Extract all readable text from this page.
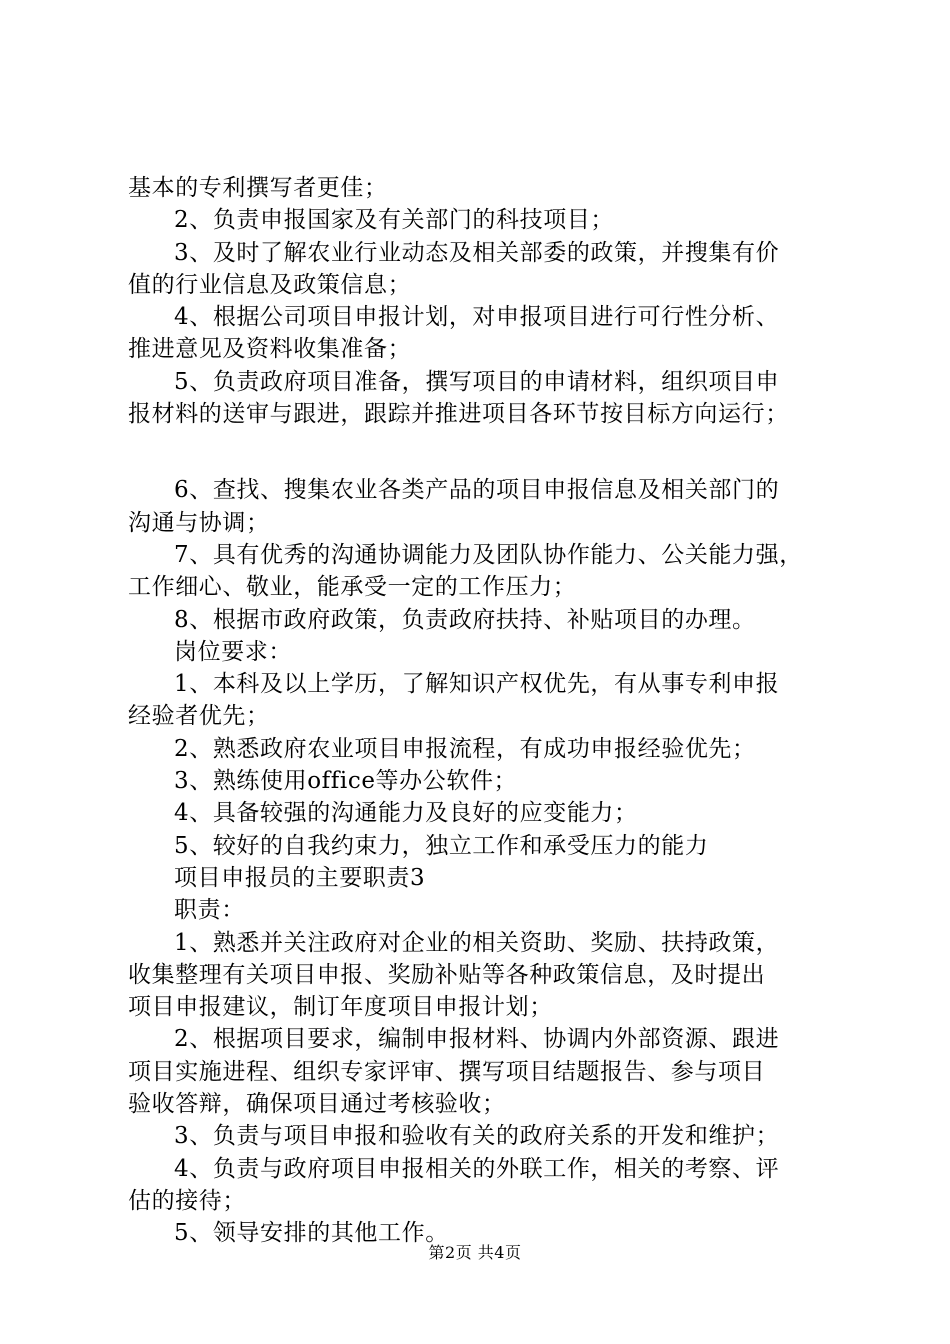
基本的专利撰写者更佳；
2、负责申报国家及有关部门的科技项目；
3、及时了解农业行业动态及相关部委的政策，并搜集有价
值的行业信息及政策信息；
4、根据公司项目申报计划，对申报项目进行可行性分析、
推进意见及资料收集准备；
5、负责政府项目准备，撰写项目的申请材料，组织项目申
报材料的送审与跟进，跟踪并推进项目各环节按目标方向运行；
6、查找、搜集农业各类产品的项目申报信息及相关部门的
沟通与协调；
7、具有优秀的沟通协调能力及团队协作能力、公关能力强，
工作细心、敬业，能承受一定的工作压力；
8、根据市政府政策，负责政府扶持、补贴项目的办理。
岗位要求：
1、本科及以上学历，了解知识产权优先，有从事专利申报
经验者优先；
2、熟悉政府农业项目申报流程，有成功申报经验优先；
3、熟练使用office等办公软件；
4、具备较强的沟通能力及良好的应变能力；
5、较好的自我约束力，独立工作和承受压力的能力
项目申报员的主要职责3
职责：
1、熟悉并关注政府对企业的相关资助、奖励、扶持政策，
收集整理有关项目申报、奖励补贴等各种政策信息，及时提出
项目申报建议，制订年度项目申报计划；
2、根据项目要求，编制申报材料、协调内外部资源、跟进
项目实施进程、组织专家评审、撰写项目结题报告、参与项目
验收答辩，确保项目通过考核验收；
3、负责与项目申报和验收有关的政府关系的开发和维护；
4、负责与政府项目申报相关的外联工作，相关的考察、评
估的接待；
5、领导安排的其他工作。
第2页 共4页
